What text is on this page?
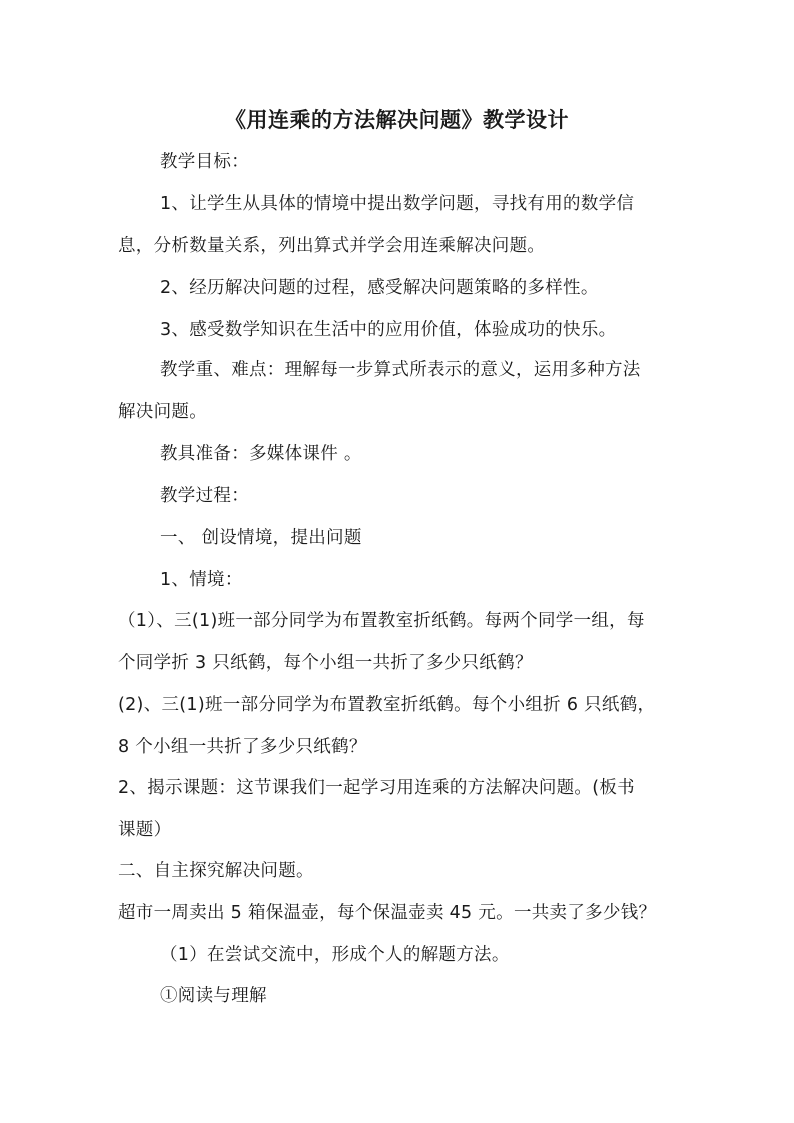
《用连乘的方法解决问题》教学设计
教学目标：
1、让学生从具体的情境中提出数学问题，寻找有用的数学信
息，分析数量关系，列出算式并学会用连乘解决问题。
2、经历解决问题的过程，感受解决问题策略的多样性。
3、感受数学知识在生活中的应用价值，体验成功的快乐。
教学重、难点：理解每一步算式所表示的意义，运用多种方法
解决问题。
教具准备：多媒体课件 。
教学过程：
一、 创设情境，提出问题
1、情境：
（1）、三(1)班一部分同学为布置教室折纸鹤。每两个同学一组，每
个同学折 3 只纸鹤，每个小组一共折了多少只纸鹤？
(2)、三(1)班一部分同学为布置教室折纸鹤。每个小组折 6 只纸鹤，
8 个小组一共折了多少只纸鹤？
2、揭示课题：这节课我们一起学习用连乘的方法解决问题。(板书
课题）
二、自主探究解决问题。
超市一周卖出 5 箱保温壶，每个保温壶卖 45 元。一共卖了多少钱？
（1）在尝试交流中，形成个人的解题方法。
①阅读与理解
